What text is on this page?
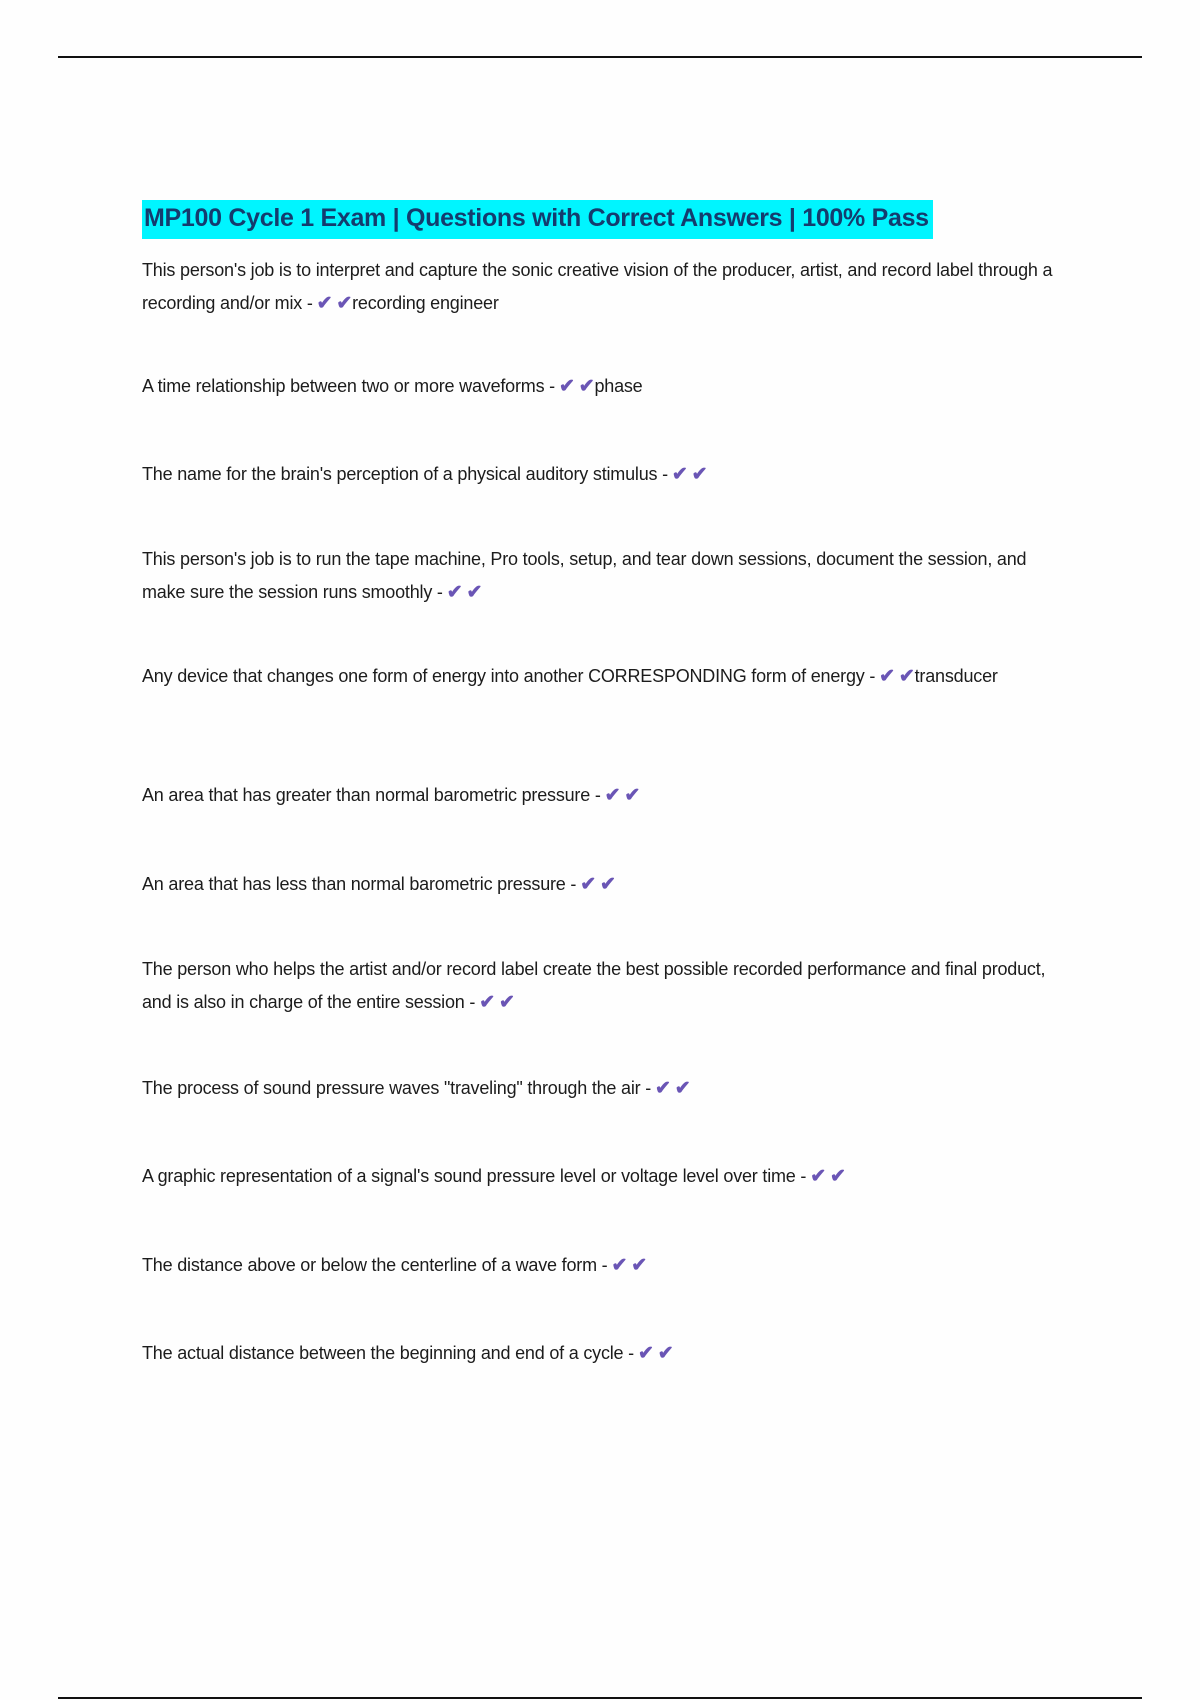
MP100 Cycle 1 Exam | Questions with Correct Answers | 100% Pass
This person's job is to interpret and capture the sonic creative vision of the producer, artist, and record label through a recording and/or mix - ✔ ✔recording engineer
A time relationship between two or more waveforms - ✔ ✔phase
The name for the brain's perception of a physical auditory stimulus - ✔ ✔
This person's job is to run the tape machine, Pro tools, setup, and tear down sessions, document the session, and make sure the session runs smoothly - ✔ ✔
Any device that changes one form of energy into another CORRESPONDING form of energy - ✔ ✔transducer
An area that has greater than normal barometric pressure - ✔ ✔
An area that has less than normal barometric pressure - ✔ ✔
The person who helps the artist and/or record label create the best possible recorded performance and final product, and is also in charge of the entire session - ✔ ✔
The process of sound pressure waves "traveling" through the air - ✔ ✔
A graphic representation of a signal's sound pressure level or voltage level over time - ✔ ✔
The distance above or below the centerline of a wave form - ✔ ✔
The actual distance between the beginning and end of a cycle - ✔ ✔
